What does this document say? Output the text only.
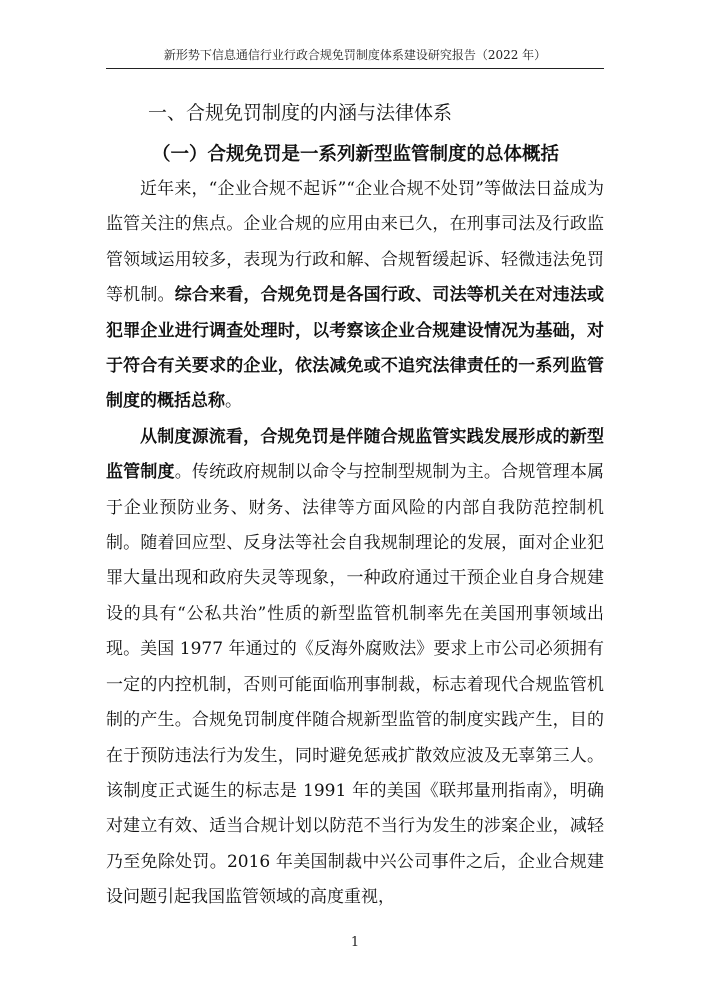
新形势下信息通信行业行政合规免罚制度体系建设研究报告（2022 年）
一、合规免罚制度的内涵与法律体系
（一）合规免罚是一系列新型监管制度的总体概括

近年来，“企业合规不起诉”“企业合规不处罚”等做法日益成为监管关注的焦点。企业合规的应用由来已久，在刑事司法及行政监管领域运用较多，表现为行政和解、合规暂缓起诉、轻微违法免罚等机制。综合来看，合规免罚是各国行政、司法等机关在对违法或犯罪企业进行调查处理时，以考察该企业合规建设情况为基础，对于符合有关要求的企业，依法减免或不追究法律责任的一系列监管制度的概括总称。

从制度源流看，合规免罚是伴随合规监管实践发展形成的新型监管制度。传统政府规制以命令与控制型规制为主。合规管理本属于企业预防业务、财务、法律等方面风险的内部自我防范控制机制。随着回应型、反身法等社会自我规制理论的发展，面对企业犯罪大量出现和政府失灵等现象，一种政府通过干预企业自身合规建设的具有“公私共治”性质的新型监管机制率先在美国刑事领域出现。美国 1977 年通过的《反海外腐败法》要求上市公司必须拥有一定的内控机制，否则可能面临刑事制裁，标志着现代合规监管机制的产生。合规免罚制度伴随合规新型监管的制度实践产生，目的在于预防违法行为发生，同时避免惩戒扩散效应波及无辜第三人。该制度正式诞生的标志是 1991 年的美国《联邦量刑指南》，明确对建立有效、适当合规计划以防范不当行为发生的涉案企业，减轻乃至免除处罚。2016 年美国制裁中兴公司事件之后，企业合规建设问题引起我国监管领域的高度重视，

1
